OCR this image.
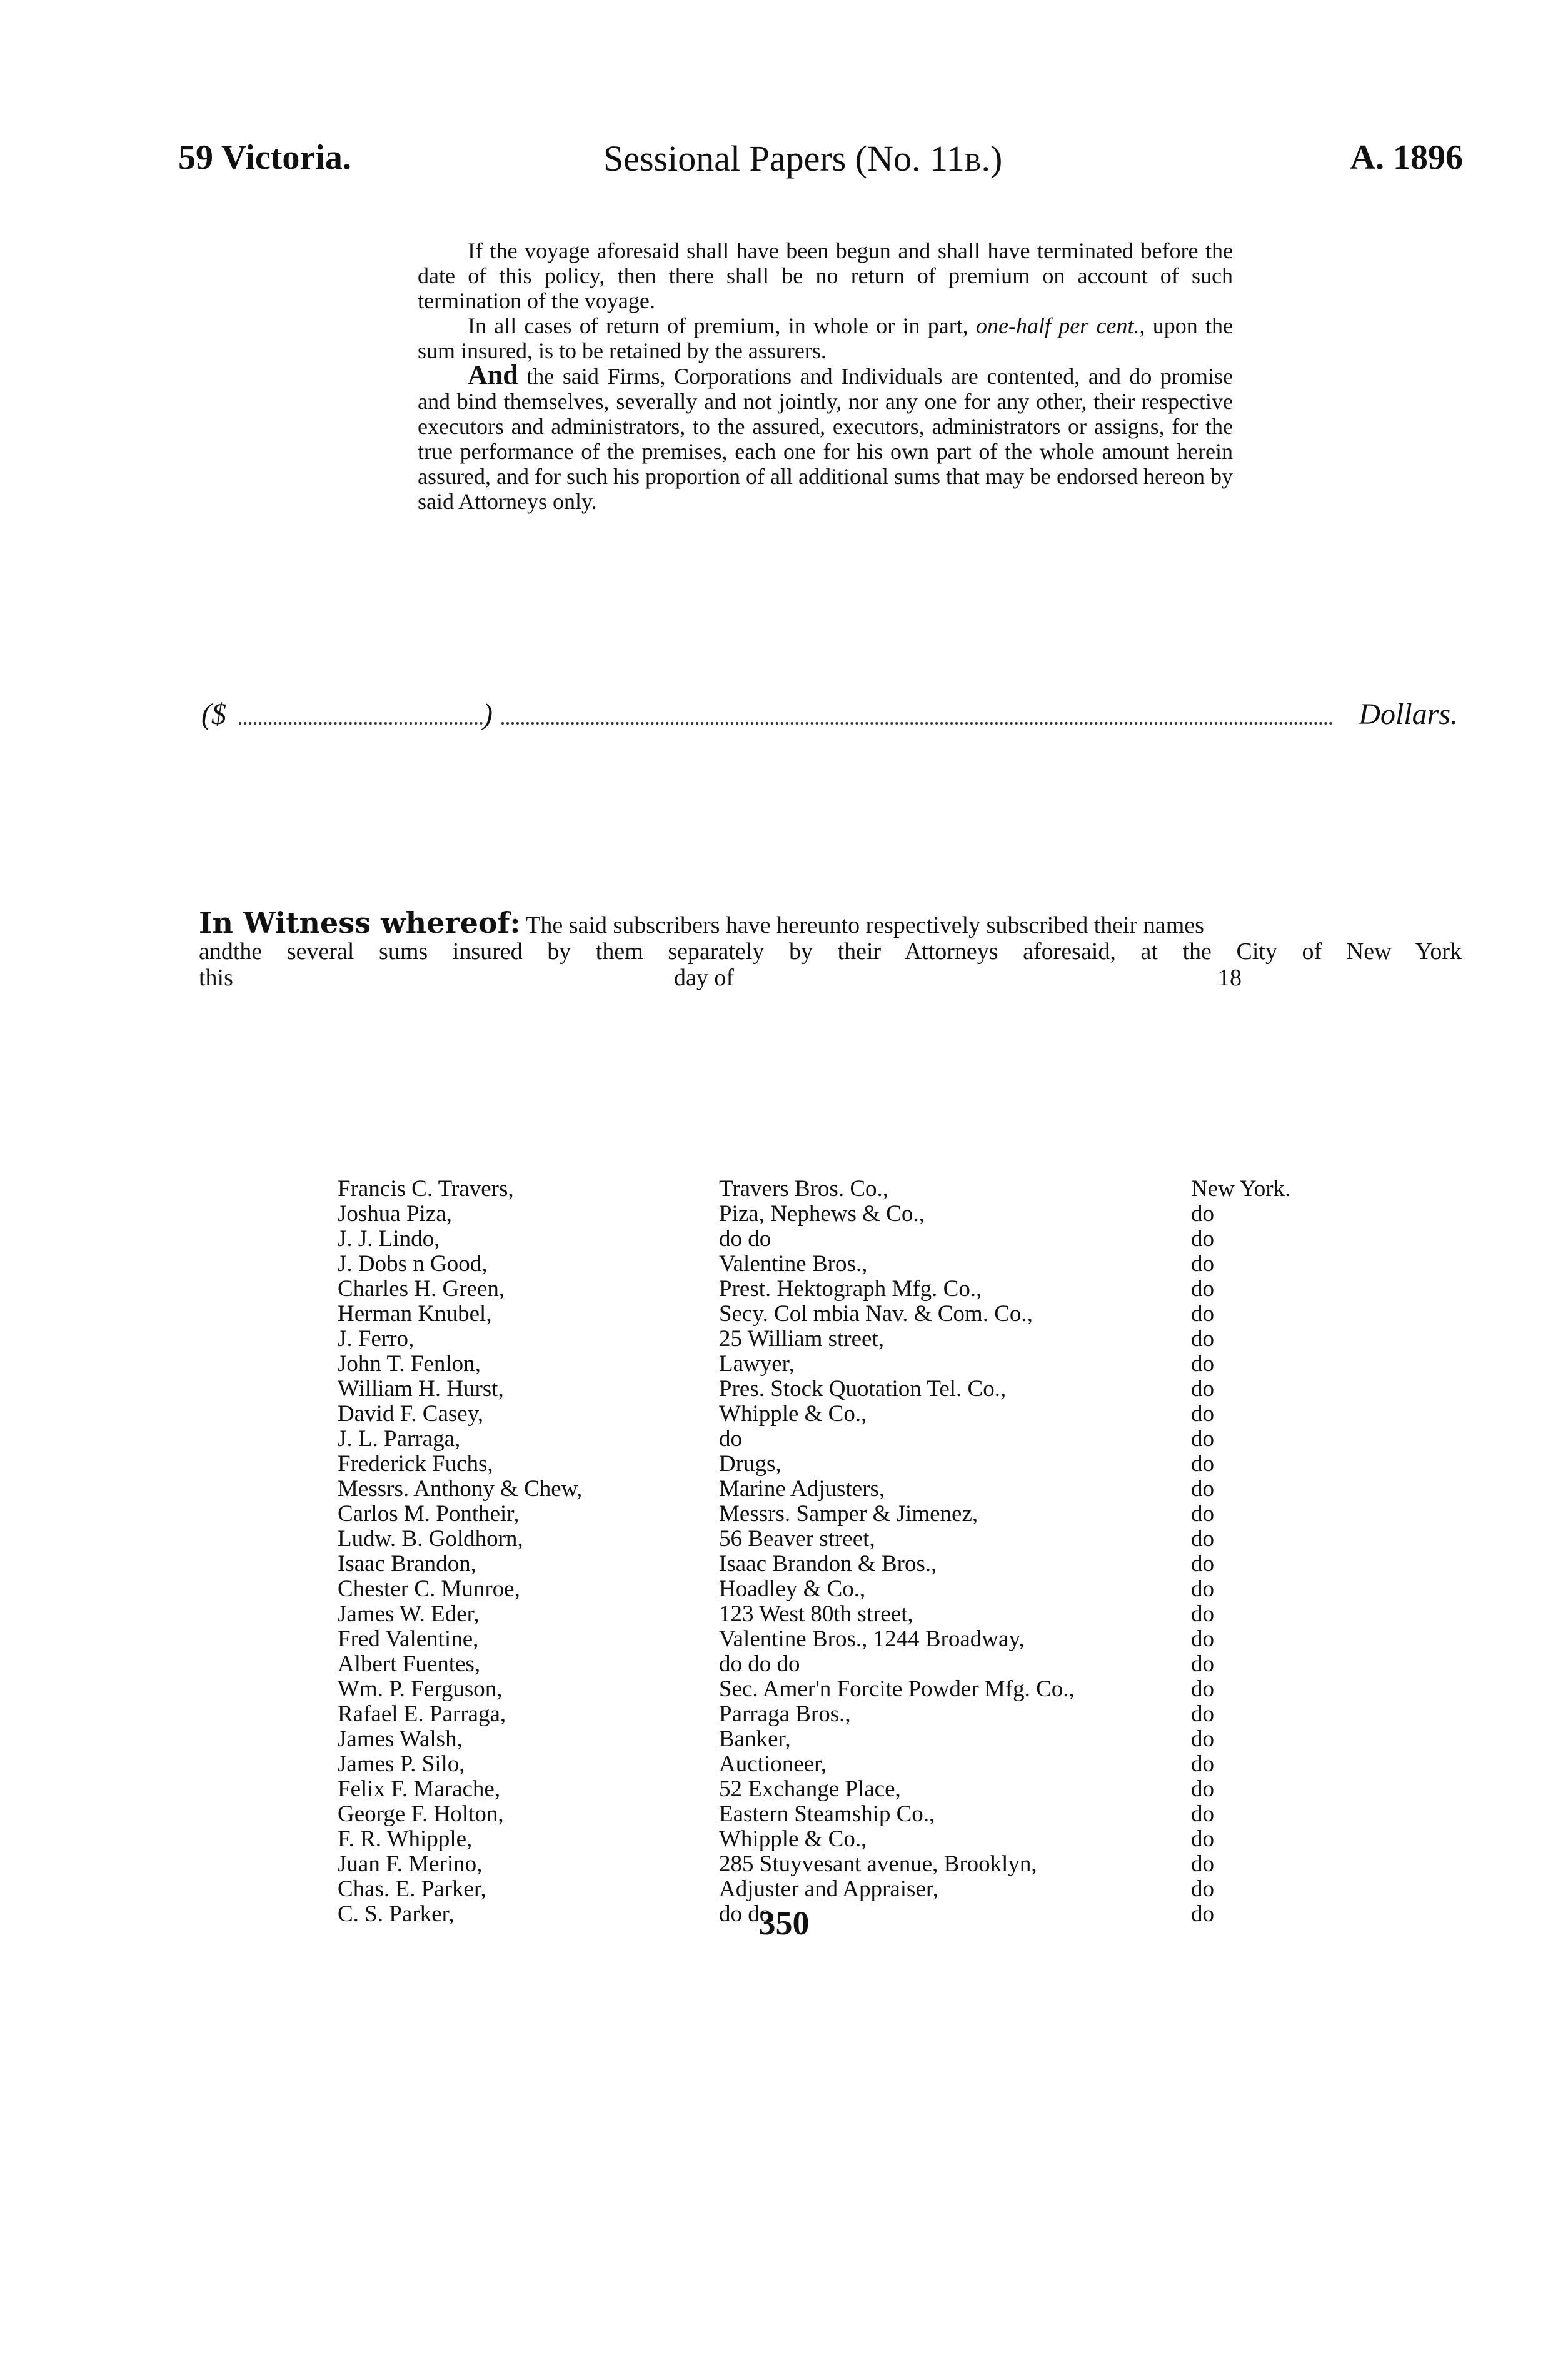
59 Victoria.	Sessional Papers (No. 11B.)	A. 1896

If the voyage aforesaid shall have been begun and shall have terminated before the date of this policy, then there shall be no return of premium on account of such termination of the voyage.

In all cases of return of premium, in whole or in part, one-half per cent., upon the sum insured, is to be retained by the assurers.

And the said Firms, Corporations and Individuals are contented, and do promise and bind themselves, severally and not jointly, nor any one for any other, their respective executors and administrators, to the assured, executors, administrators or assigns, for the true performance of the premises, each one for his own part of the whole amount herein assured, and for such his proportion of all additional sums that may be endorsed hereon by said Attorneys only.

($	)	Dollars.
In Witness whereof: The said subscribers have hereunto respectively subscribed their names
andthe several sums insured by them separately by their Attorneys aforesaid, at the City of New York
this	day of	18
Francis C. Travers,	Travers Bros. Co.,	New York.
Joshua Piza,	Piza, Nephews & Co.,	do
J. J. Lindo,	do do	do
J. Dobs n Good,	Valentine Bros.,	do
Charles H. Green,	Prest. Hektograph Mfg. Co.,	do
Herman Knubel,	Secy. Col mbia Nav. & Com. Co.,	do
J. Ferro,	25 William street,	do
John T. Fenlon,	Lawyer,	do
William H. Hurst,	Pres. Stock Quotation Tel. Co.,	do
David F. Casey,	Whipple & Co.,	do
J. L. Parraga,	do	do
Frederick Fuchs,	Drugs,	do
Messrs. Anthony & Chew,	Marine Adjusters,	do
Carlos M. Pontheir,	Messrs. Samper & Jimenez,	do
Ludw. B. Goldhorn,	56 Beaver street,	do
Isaac Brandon,	Isaac Brandon & Bros.,	do
Chester C. Munroe,	Hoadley & Co.,	do
James W. Eder,	123 West 80th street,	do
Fred Valentine,	Valentine Bros., 1244 Broadway,	do
Albert Fuentes,	do do do	do
Wm. P. Ferguson,	Sec. Amer'n Forcite Powder Mfg. Co.,	do
Rafael E. Parraga,	Parraga Bros.,	do
James Walsh,	Banker,	do
James P. Silo,	Auctioneer,	do
Felix F. Marache,	52 Exchange Place,	do
George F. Holton,	Eastern Steamship Co.,	do
F. R. Whipple,	Whipple & Co.,	do
Juan F. Merino,	285 Stuyvesant avenue, Brooklyn,	do
Chas. E. Parker,	Adjuster and Appraiser,	do
C. S. Parker,	do do	do
350
